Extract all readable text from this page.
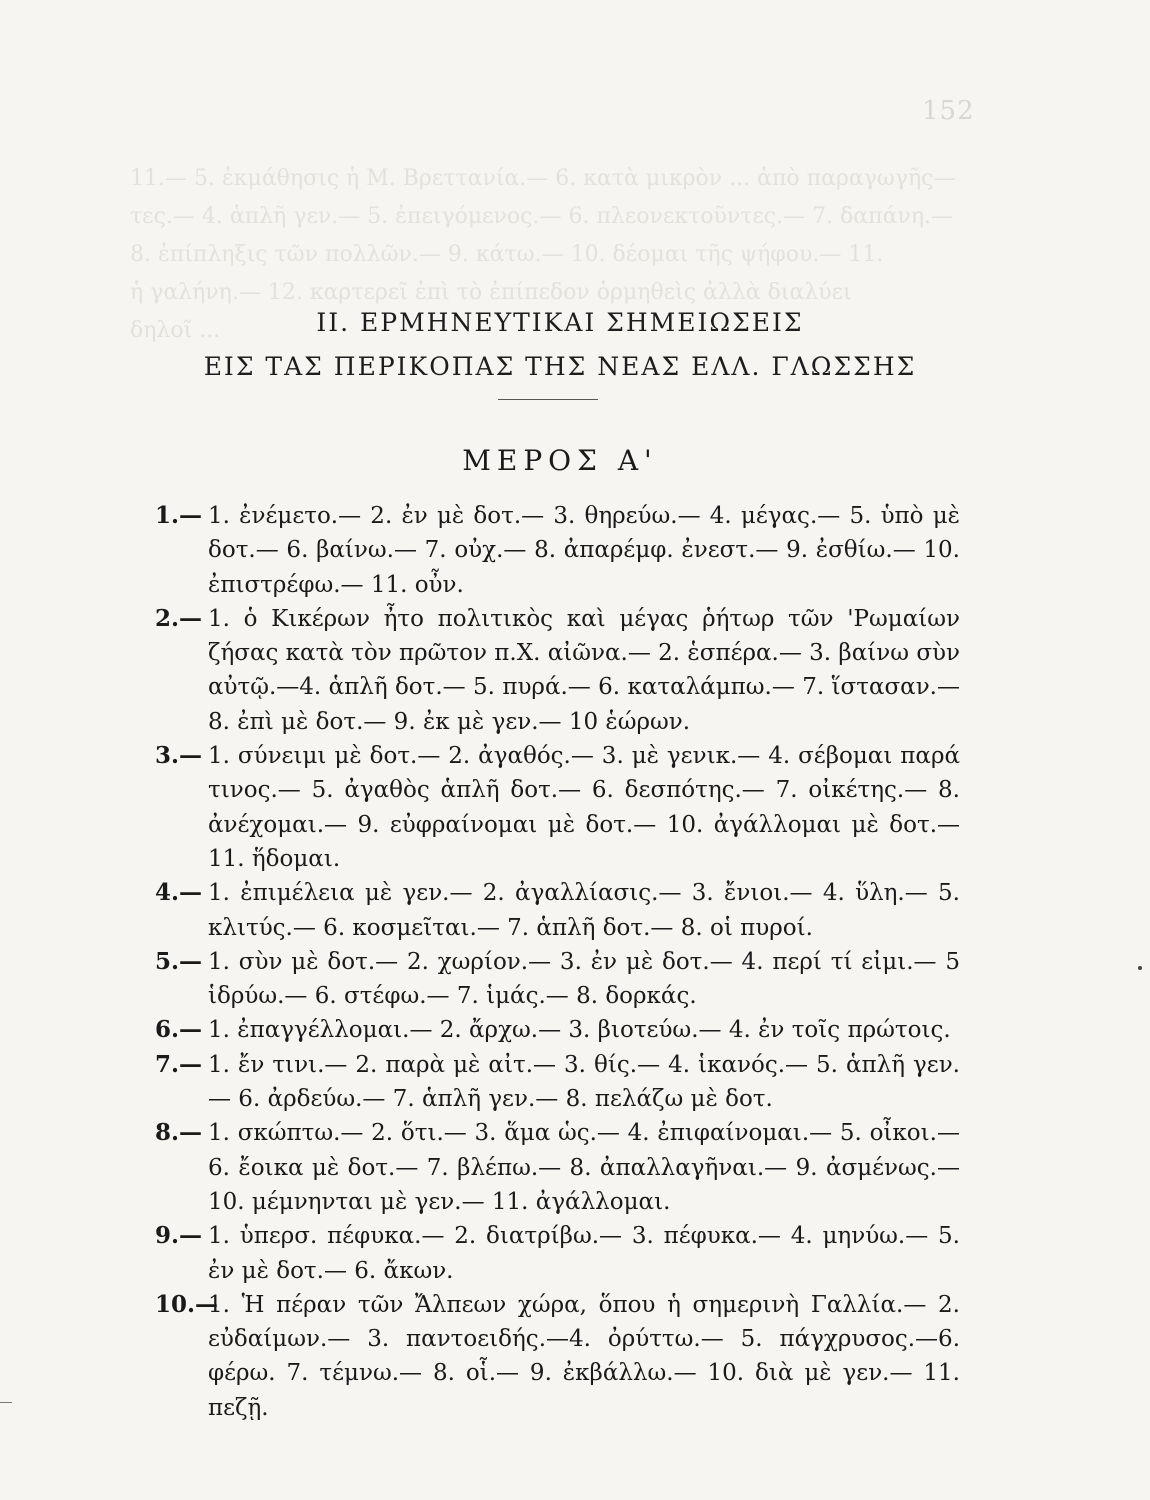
152
11.— 5. ἐκμάθησις ἡ Μ. Βρεττανία.— 6. κατὰ μικρὸν ... ἀπὸ παραγωγῆς—
τες.— 4. ἁπλῆ γεν.— 5. ἐπειγόμενος.— 6. πλεονεκτοῦντες.— 7. δαπάνη.—
8. ἐπίπληξις τῶν πολλῶν.— 9. κάτω.— 10. δέομαι τῆς ψήφου.— 11.
ἡ γαλήνη.— 12. καρτερεῖ ἐπὶ τὸ ἐπίπεδον ὁρμηθεὶς ἀλλὰ διαλύει
δηλοῖ ...	II. ΕΡΜΗΝΕΥΤΙΚΑΙ ΣΗΜΕΙΩΣΕΙΣ
ΕΙΣ ΤΑΣ ΠΕΡΙΚΟΠΑΣ ΤΗΣ ΝΕΑΣ ΕΛΛ. ΓΛΩΣΣΗΣ
ΜΕΡΟΣ Α'
1.— 1. ἐνέμετο.— 2. ἐν μὲ δοτ.— 3. θηρεύω.— 4. μέγας.— 5. ὑπὸ μὲ δοτ.— 6. βαίνω.— 7. οὐχ.— 8. ἀπαρέμφ. ἐνεστ.— 9. ἐσθίω.— 10. ἐπιστρέφω.— 11. οὖν.
2.— 1. ὁ Κικέρων ἦτο πολιτικὸς καὶ μέγας ῥήτωρ τῶν 'Ρωμαίων ζήσας κατὰ τὸν πρῶτον π.Χ. αἰῶνα.— 2. ἑσπέρα.— 3. βαίνω σὺν αὐτῷ.—4. ἁπλῆ δοτ.— 5. πυρά.— 6. καταλάμπω.— 7. ἵστασαν.— 8. ἐπὶ μὲ δοτ.— 9. ἐκ μὲ γεν.— 10 ἑώρων.
3.— 1. σύνειμι μὲ δοτ.— 2. ἀγαθός.— 3. μὲ γενικ.— 4. σέβομαι παρά τινος.— 5. ἀγαθὸς ἁπλῆ δοτ.— 6. δεσπότης.— 7. οἰκέτης.— 8. ἀνέχομαι.— 9. εὐφραίνομαι μὲ δοτ.— 10. ἀγάλλομαι μὲ δοτ.— 11. ἥδομαι.
4.— 1. ἐπιμέλεια μὲ γεν.— 2. ἀγαλλίασις.— 3. ἔνιοι.— 4. ὕλη.— 5. κλιτύς.— 6. κοσμεῖται.— 7. ἁπλῆ δοτ.— 8. οἱ πυροί.
5.— 1. σὺν μὲ δοτ.— 2. χωρίον.— 3. ἐν μὲ δοτ.— 4. περί τί εἰμι.— 5 ἱδρύω.— 6. στέφω.— 7. ἱμάς.— 8. δορκάς.
6.— 1. ἐπαγγέλλομαι.— 2. ἄρχω.— 3. βιοτεύω.— 4. ἐν τοῖς πρώτοις.
7.— 1. ἔν τινι.— 2. παρὰ μὲ αἰτ.— 3. θίς.— 4. ἱκανός.— 5. ἁπλῆ γεν.— 6. ἀρδεύω.— 7. ἁπλῆ γεν.— 8. πελάζω μὲ δοτ.
8.— 1. σκώπτω.— 2. ὅτι.— 3. ἅμα ὡς.— 4. ἐπιφαίνομαι.— 5. οἶκοι.— 6. ἔοικα μὲ δοτ.— 7. βλέπω.— 8. ἀπαλλαγῆναι.— 9. ἀσμένως.— 10. μέμνηνται μὲ γεν.— 11. ἀγάλλομαι.
9.— 1. ὑπερσ. πέφυκα.— 2. διατρίβω.— 3. πέφυκα.— 4. μηνύω.— 5. ἐν μὲ δοτ.— 6. ἄκων.
10.—
1. Ἡ πέραν τῶν Ἄλπεων χώρα, ὅπου ἡ σημερινὴ Γαλλία.— 2. εὐδαίμων.— 3. παντοειδής.—4. ὀρύττω.— 5. πάγχρυσος.—6. φέρω. 7. τέμνω.— 8. οἷ.— 9. ἐκβάλλω.— 10. διὰ μὲ γεν.— 11. πεζῇ.
